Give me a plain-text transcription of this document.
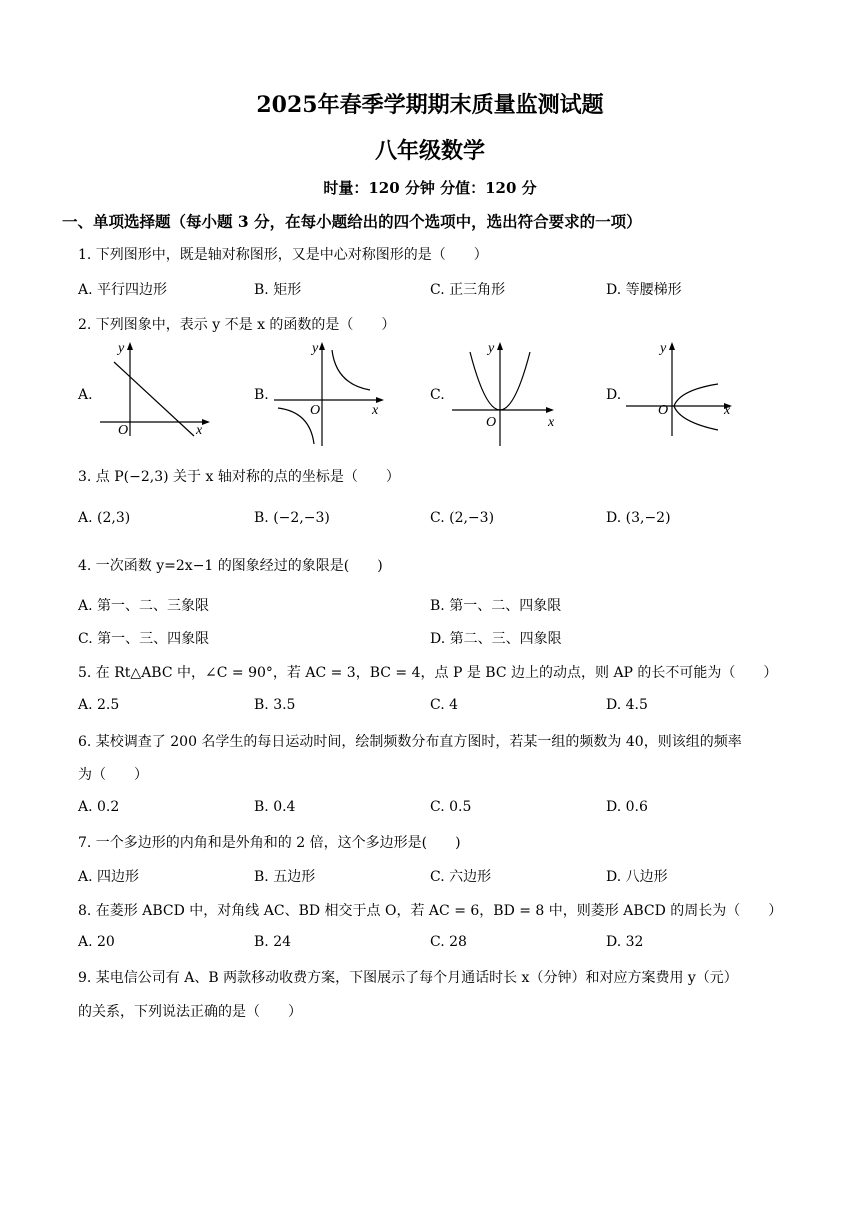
2025年春季学期期末质量监测试题
八年级数学
时量：120 分钟 分值：120 分
一、单项选择题（每小题 3 分，在每小题给出的四个选项中，选出符合要求的一项）
1. 下列图形中，既是轴对称图形，又是中心对称图形的是（　　）
A. 平行四边形	B. 矩形	C. 正三角形	D. 等腰梯形
2. 下列图象中，表示 y 不是 x 的函数的是（　　）
A.	B.	C.	D.
y
x
O
y
x
O
y
x
O
y
x
O
3. 点 P(−2,3) 关于 x 轴对称的点的坐标是（　　）
A. (2,3)	B. (−2,−3)	C. (2,−3)	D. (3,−2)
4. 一次函数 y=2x−1 的图象经过的象限是(　　)
A. 第一、二、三象限	B. 第一、二、四象限
C. 第一、三、四象限	D. 第二、三、四象限
5. 在 Rt△ABC 中，∠C = 90°，若 AC = 3，BC = 4，点 P 是 BC 边上的动点，则 AP 的长不可能为（　　）
A. 2.5	B. 3.5	C. 4	D. 4.5
6. 某校调查了 200 名学生的每日运动时间，绘制频数分布直方图时，若某一组的频数为 40，则该组的频率
为（　　）
A. 0.2	B. 0.4	C. 0.5	D. 0.6
7. 一个多边形的内角和是外角和的 2 倍，这个多边形是(　　)
A. 四边形	B. 五边形	C. 六边形	D. 八边形
8. 在菱形 ABCD 中，对角线 AC、BD 相交于点 O，若 AC = 6，BD = 8 中，则菱形 ABCD 的周长为（　　）
A. 20	B. 24	C. 28	D. 32
9. 某电信公司有 A、B 两款移动收费方案，下图展示了每个月通话时长 x（分钟）和对应方案费用 y（元）
的关系，下列说法正确的是（　　）
